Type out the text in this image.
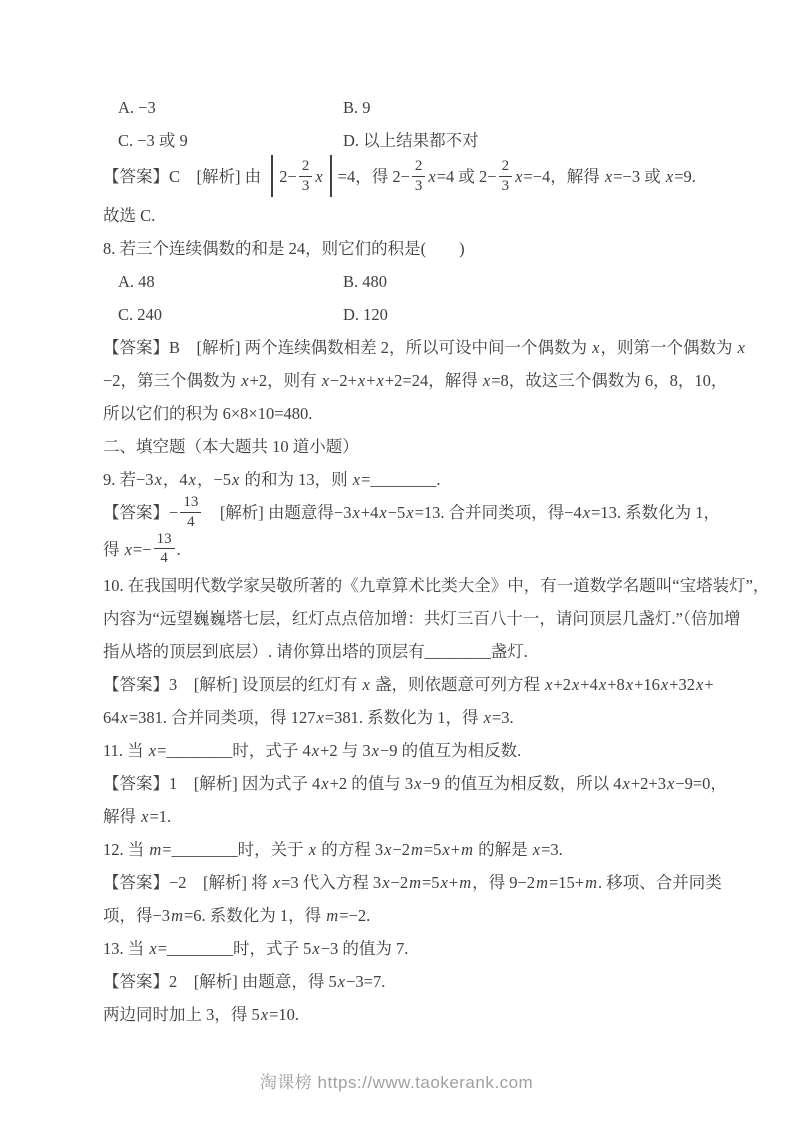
A. −3	B. 9
C. −3 或 9	D. 以上结果都不对
【答案】C　[解析] 由 $2- \frac{2}{3}$ x =4，得 $2- \frac{2}{3} x=4$ 或 $2- \frac{2}{3} x=-4$，解得 x=−3 或 x=9.
故选 C.
8. 若三个连续偶数的和是 24，则它们的积是(　　)
A. 48	B. 480
C. 240	D. 120
【答案】B　[解析] 两个连续偶数相差 2，所以可设中间一个偶数为 x，则第一个偶数为 x
−2，第三个偶数为 x+2，则有 x−2+x+x+2=24，解得 x=8，故这三个偶数为 6，8，10，
所以它们的积为 6×8×10=480.
二、填空题（本大题共 10 道小题）
9. 若−3x，4x，−5x 的和为 13，则 x=________.
【答案】− $\frac{13}{4}$ 　[解析] 由题意得−3x+4x−5x=13. 合并同类项，得−4x=13. 系数化为 1，
得 $x=- \frac{13}{4}$ .
10. 在我国明代数学家吴敬所著的《九章算术比类大全》中，有一道数学名题叫“宝塔装灯”，
内容为“远望巍巍塔七层，红灯点点倍加增：共灯三百八十一，请问顶层几盏灯.”（倍加增
指从塔的顶层到底层）. 请你算出塔的顶层有________盏灯.
【答案】3　[解析] 设顶层的红灯有 x 盏，则依题意可列方程 x+2x+4x+8x+16x+32x+
64x=381. 合并同类项，得 127x=381. 系数化为 1，得 x=3.
11. 当 x=________时，式子 4x+2 与 3x−9 的值互为相反数.
【答案】1　[解析] 因为式子 4x+2 的值与 3x−9 的值互为相反数，所以 4x+2+3x−9=0，
解得 x=1.
12. 当 m=________时，关于 x 的方程 3x−2m=5x+m 的解是 x=3.
【答案】−2　[解析] 将 x=3 代入方程 3x−2m=5x+m，得 9−2m=15+m. 移项、合并同类
项，得−3m=6. 系数化为 1，得 m=−2.
13. 当 x=________时，式子 5x−3 的值为 7.
【答案】2　[解析] 由题意，得 5x−3=7.
两边同时加上 3，得 5x=10.
淘课榜 https://www.taokerank.com
